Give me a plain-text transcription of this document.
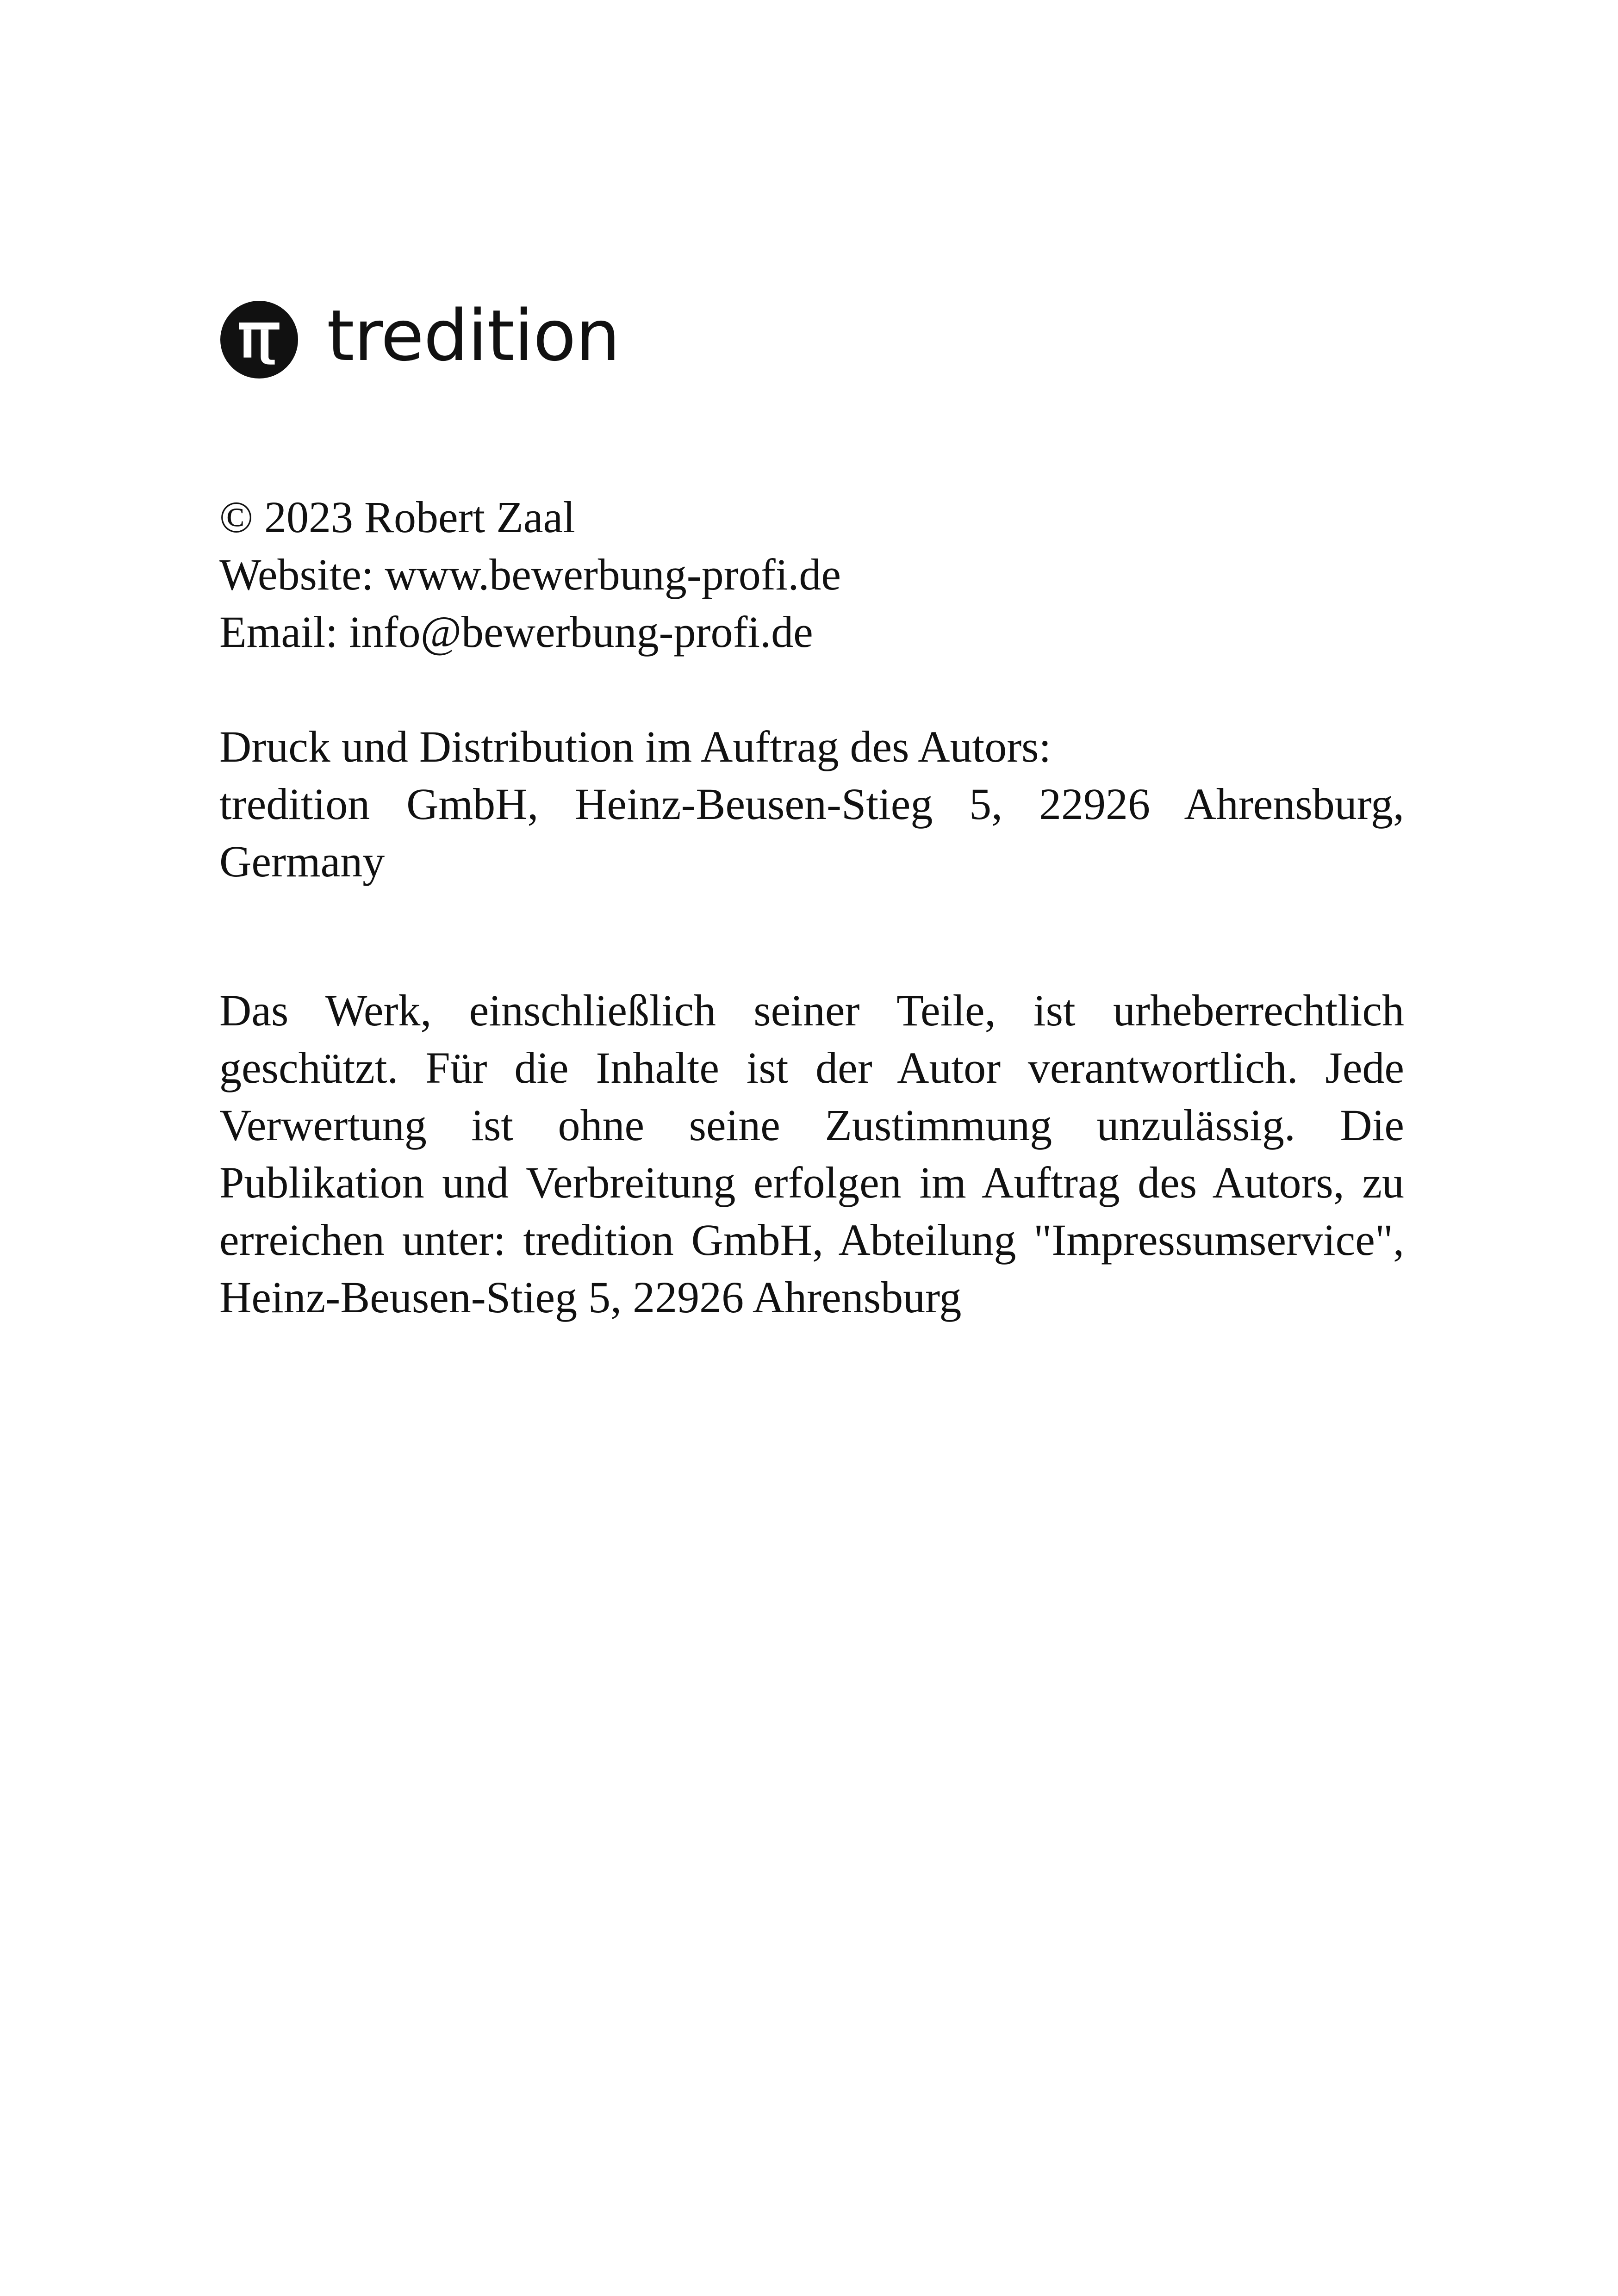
tredition

© 2023 Robert Zaal

Website: www.bewerbung-profi.de

Email: info@bewerbung-profi.de

Druck und Distribution im Auftrag des Autors:

tredition GmbH, Heinz-Beusen-Stieg 5, 22926 Ahrensburg, Germany

Das Werk, einschließlich seiner Teile, ist urheberrechtlich geschützt. Für die Inhalte ist der Autor verantwortlich. Jede Verwertung ist ohne seine Zustimmung unzulässig. Die Publikation und Verbreitung erfolgen im Auftrag des Autors, zu erreichen unter: tredition GmbH, Abteilung "Impressumservice", Heinz-Beusen-Stieg 5, 22926 Ahrensburg
